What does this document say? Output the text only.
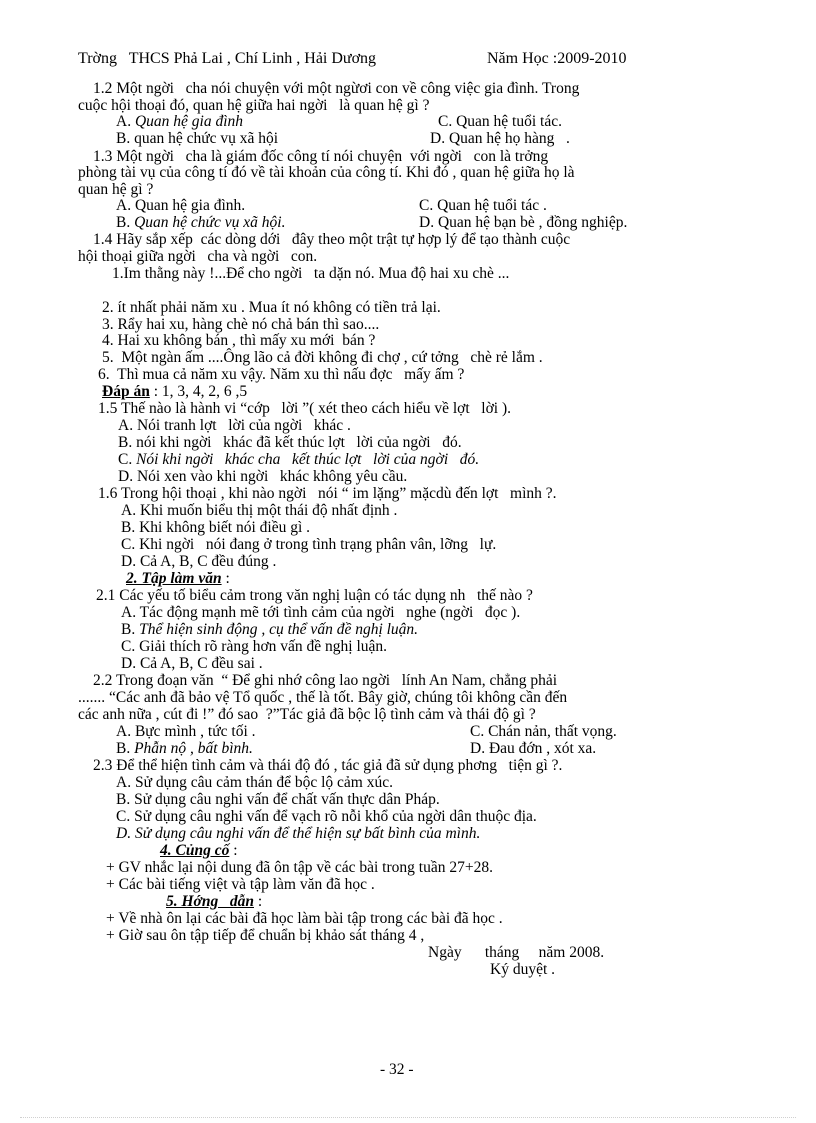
Trờng   THCS Phả Lai , Chí Linh , Hải Dương	Năm Học :2009-2010
1.2 Một ngời   cha nói chuyện với một ngừơi con về công việc gia đình. Trong
cuộc hội thoại đó, quan hệ giữa hai ngời   là quan hệ gì ?
A. Quan hệ gia đình	C. Quan hệ tuổi tác.
B. quan hệ chức vụ xã hội	D. Quan hệ họ hàng   .
1.3 Một ngời   cha là giám đốc công tí nói chuyện  với ngời   con là trởng
phòng tài vụ của công tí đó về tài khoản của công tí. Khi đó , quan hệ giữa họ là
quan hệ gì ?
A. Quan hệ gia đình.	C. Quan hệ tuổi tác .
B. Quan hệ chức vụ xã hội.	D. Quan hệ bạn bè , đồng nghiệp.
1.4 Hãy sắp xếp  các dòng dới   đây theo một trật tự hợp lý để tạo thành cuộc
hội thoại giữa ngời   cha và ngời   con.
1.Im thằng này !...Để cho ngời   ta dặn nó. Mua độ hai xu chè ...
2. ít nhất phải năm xu . Mua ít nó không có tiền trả lại.
3. Rẩy hai xu, hàng chè nó chả bán thì sao....
4. Hai xu không bán , thì mấy xu mới  bán ?
5.  Một ngàn ấm ....Ông lão cả đời không đi chợ , cứ tởng   chè rẻ lắm .
6.  Thì mua cả năm xu vậy. Năm xu thì nấu đợc   mấy ấm ?
Đáp án : 1, 3, 4, 2, 6 ,5
1.5 Thế nào là hành vi “cớp   lời ”( xét theo cách hiểu về lợt   lời ).
A. Nói tranh lợt   lời của ngời   khác .
B. nói khi ngời   khác đã kết thúc lợt   lời của ngời   đó.
C. Nói khi ngời   khác cha   kết thúc lợt   lời của ngời   đó.
D. Nói xen vào khi ngời   khác không yêu cầu.
1.6 Trong hội thoại , khi nào ngời   nói “ im lặng” mặcdù đến lợt   mình ?.
A. Khi muốn biểu thị một thái độ nhất định .
B. Khi không biết nói điều gì .
C. Khi ngời   nói đang ở trong tình trạng phân vân, lỡng   lự.
D. Cả A, B, C đều đúng .
2. Tập làm văn :
2.1 Các yếu tố biểu cảm trong văn nghị luận có tác dụng nh   thế nào ?
A. Tác động mạnh mẽ tới tình cảm của ngời   nghe (ngời   đọc ).
B. Thể hiện sinh động , cụ thể vấn đề nghị luận.
C. Giải thích rõ ràng hơn vấn đề nghị luận.
D. Cả A, B, C đều sai .
2.2 Trong đoạn văn  “ Để ghi nhớ công lao ngời   lính An Nam, chẳng phải
....... “Các anh đã bảo vệ Tổ quốc , thế là tốt. Bây giờ, chúng tôi không cần đến
các anh nữa , cút đi !” đó sao  ?”Tác giả đã bộc lộ tình cảm và thái độ gì ?
A. Bực mình , tức tối .	C. Chán nản, thất vọng.
B. Phẫn nộ , bất bình.	D. Đau đớn , xót xa.
2.3 Để thể hiện tình cảm và thái độ đó , tác giả đã sử dụng phơng   tiện gì ?.
A. Sử dụng câu cảm thán để bộc lộ cảm xúc.
B. Sử dụng câu nghi vấn để chất vấn thực dân Pháp.
C. Sử dụng câu nghi vấn để vạch rõ nỗi khổ của ngời dân thuộc địa.
D. Sử dụng câu nghi vấn để thể hiện sự bất bình của mình.
4. Củng cố :
+ GV nhắc lại nội dung đã ôn tập về các bài trong tuần 27+28.
+ Các bài tiếng việt và tập làm văn đã học .
5. Hớng   dẫn :
+ Về nhà ôn lại các bài đã học làm bài tập trong các bài đã học .
+ Giờ sau ôn tập tiếp để chuẩn bị khảo sát tháng 4 ,
Ngày      tháng     năm 2008.
Ký duyệt .
- 32 -
